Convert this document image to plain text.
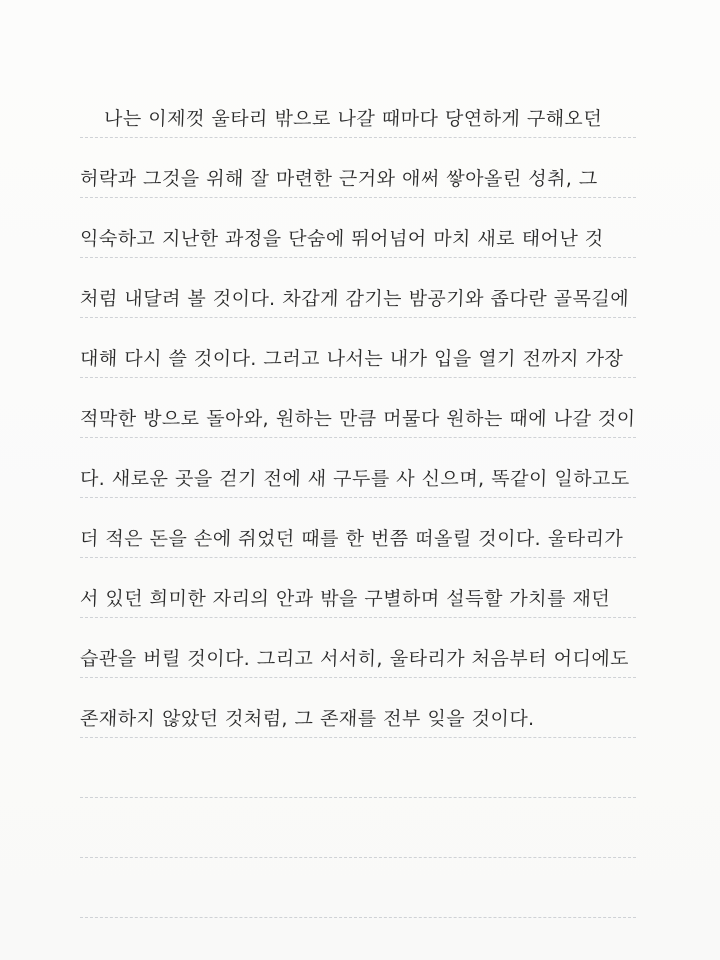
나는 이제껏 울타리 밖으로 나갈 때마다 당연하게 구해오던
허락과 그것을 위해 잘 마련한 근거와 애써 쌓아올린 성취, 그
익숙하고 지난한 과정을 단숨에 뛰어넘어 마치 새로 태어난 것
처럼 내달려 볼 것이다. 차갑게 감기는 밤공기와 좁다란 골목길에
대해 다시 쓸 것이다. 그러고 나서는 내가 입을 열기 전까지 가장
적막한 방으로 돌아와, 원하는 만큼 머물다 원하는 때에 나갈 것이
다. 새로운 곳을 걷기 전에 새 구두를 사 신으며, 똑같이 일하고도
더 적은 돈을 손에 쥐었던 때를 한 번쯤 떠올릴 것이다. 울타리가
서 있던 희미한 자리의 안과 밖을 구별하며 설득할 가치를 재던
습관을 버릴 것이다. 그리고 서서히, 울타리가 처음부터 어디에도
존재하지 않았던 것처럼, 그 존재를 전부 잊을 것이다.
